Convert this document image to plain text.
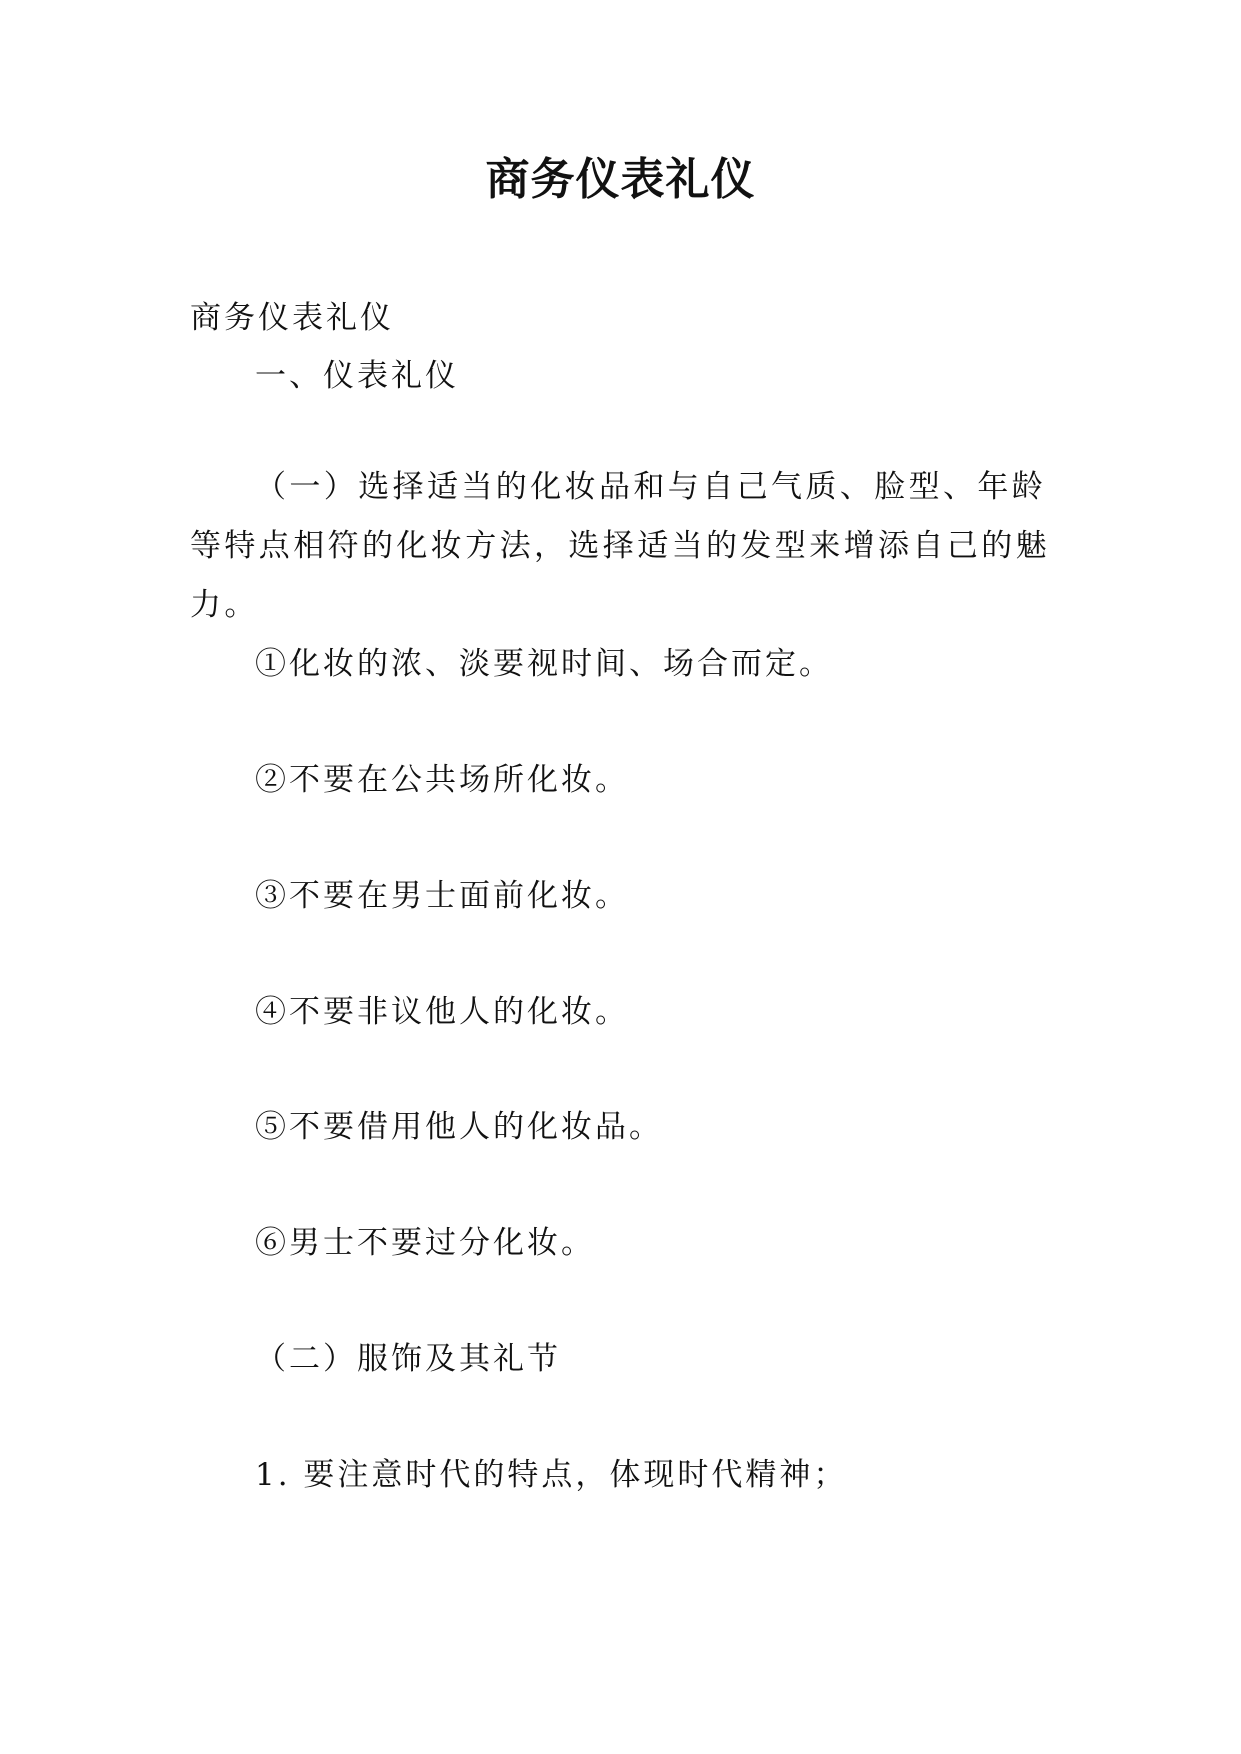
商务仪表礼仪

商务仪表礼仪

一、仪表礼仪

（一）选择适当的化妆品和与自己气质、脸型、年龄等特点相符的化妆方法，选择适当的发型来增添自己的魅力。

①化妆的浓、淡要视时间、场合而定。

②不要在公共场所化妆。

③不要在男士面前化妆。

④不要非议他人的化妆。

⑤不要借用他人的化妆品。

⑥男士不要过分化妆。

（二）服饰及其礼节

1. 要注意时代的特点，体现时代精神；
